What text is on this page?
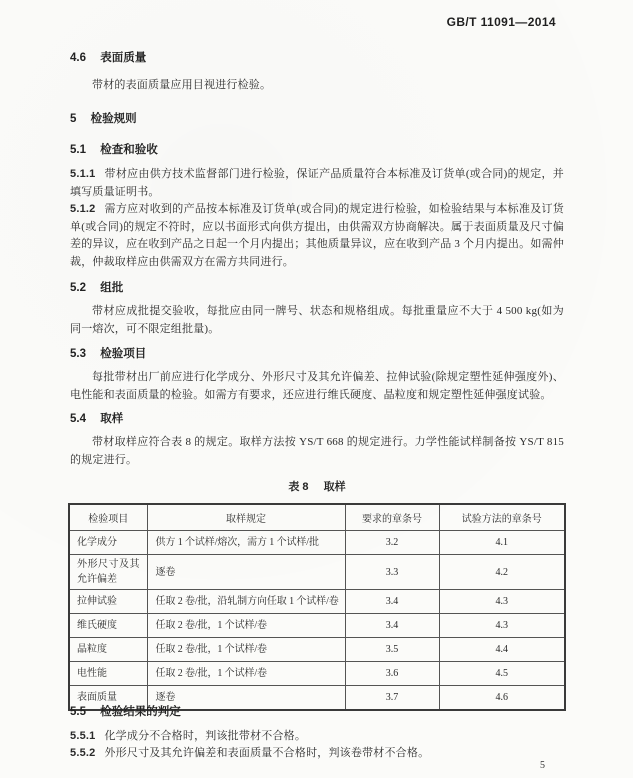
GB/T 11091—2014
4.6 表面质量

带材的表面质量应用目视进行检验。

5 检验规则
5.1 检查和验收

5.1.1 带材应由供方技术监督部门进行检验，保证产品质量符合本标准及订货单(或合同)的规定，并填写质量证明书。

5.1.2 需方应对收到的产品按本标准及订货单(或合同)的规定进行检验，如检验结果与本标准及订货单(或合同)的规定不符时，应以书面形式向供方提出，由供需双方协商解决。属于表面质量及尺寸偏差的异议，应在收到产品之日起一个月内提出；其他质量异议，应在收到产品 3 个月内提出。如需仲裁，仲裁取样应由供需双方在需方共同进行。

5.2 组批

带材应成批提交验收，每批应由同一牌号、状态和规格组成。每批重量应不大于 4 500 kg(如为同一熔次，可不限定组批量)。

5.3 检验项目

每批带材出厂前应进行化学成分、外形尺寸及其允许偏差、拉伸试验(除规定塑性延伸强度外)、电性能和表面质量的检验。如需方有要求，还应进行维氏硬度、晶粒度和规定塑性延伸强度试验。

5.4 取样

带材取样应符合表 8 的规定。取样方法按 YS/T 668 的规定进行。力学性能试样制备按 YS/T 815 的规定进行。

表 8 取样
检验项目	取样规定	要求的章条号	试验方法的章条号
化学成分	供方 1 个试样/熔次，需方 1 个试样/批	3.2	4.1
外形尺寸及其允许偏差	逐卷	3.3	4.2
拉伸试验	任取 2 卷/批，沿轧制方向任取 1 个试样/卷	3.4	4.3
维氏硬度	任取 2 卷/批，1 个试样/卷	3.4	4.3
晶粒度	任取 2 卷/批，1 个试样/卷	3.5	4.4
电性能	任取 2 卷/批，1 个试样/卷	3.6	4.5
表面质量	逐卷	3.7	4.6
5.5 检验结果的判定

5.5.1 化学成分不合格时，判该批带材不合格。

5.5.2 外形尺寸及其允许偏差和表面质量不合格时，判该卷带材不合格。

5
